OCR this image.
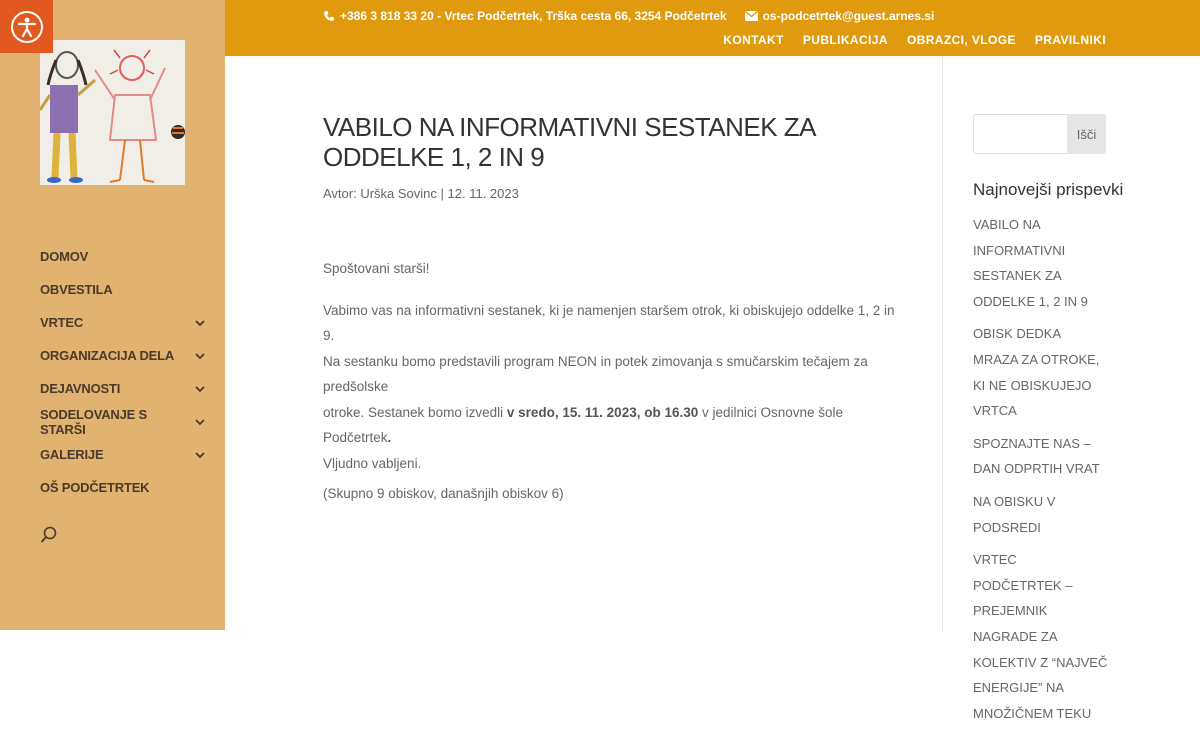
DOMOV
OBVESTILA
VRTEC
ORGANIZACIJA DELA
DEJAVNOSTI
SODELOVANJE S STARŠI
GALERIJE
OŠ PODČETRTEK
+386 3 818 33 20 - Vrtec Podčetrtek, Trška cesta 66, 3254 Podčetrtek	os-podcetrtek@guest.arnes.si
KONTAKT PUBLIKACIJA OBRAZCI, VLOGE PRAVILNIKI
VABILO NA INFORMATIVNI SESTANEK ZA ODDELKE 1, 2 IN 9
Avtor: Urška Sovinc | 12. 11. 2023

Spoštovani starši!

Vabimo vas na informativni sestanek, ki je namenjen staršem otrok, ki obiskujejo oddelke 1, 2 in 9.

Na sestanku bomo predstavili program NEON in potek zimovanja s smučarskim tečajem za predšolske

otroke. Sestanek bomo izvedli v sredo, 15. 11. 2023, ob 16.30 v jedilnici Osnovne šole Podčetrtek.

Vljudno vabljeni.

(Skupno 9 obiskov, današnjih obiskov 6)
Išči
Najnovejši prispevki
VABILO NA INFORMATIVNI SESTANEK ZA ODDELKE 1, 2 IN 9
OBISK DEDKA MRAZA ZA OTROKE, KI NE OBISKUJEJO VRTCA
SPOZNAJTE NAS – DAN ODPRTIH VRAT
NA OBISKU V PODSREDI
VRTEC PODČETRTEK – PREJEMNIK NAGRADE ZA KOLEKTIV Z “NAJVEČ ENERGIJE” NA MNOŽIČNEM TEKU
